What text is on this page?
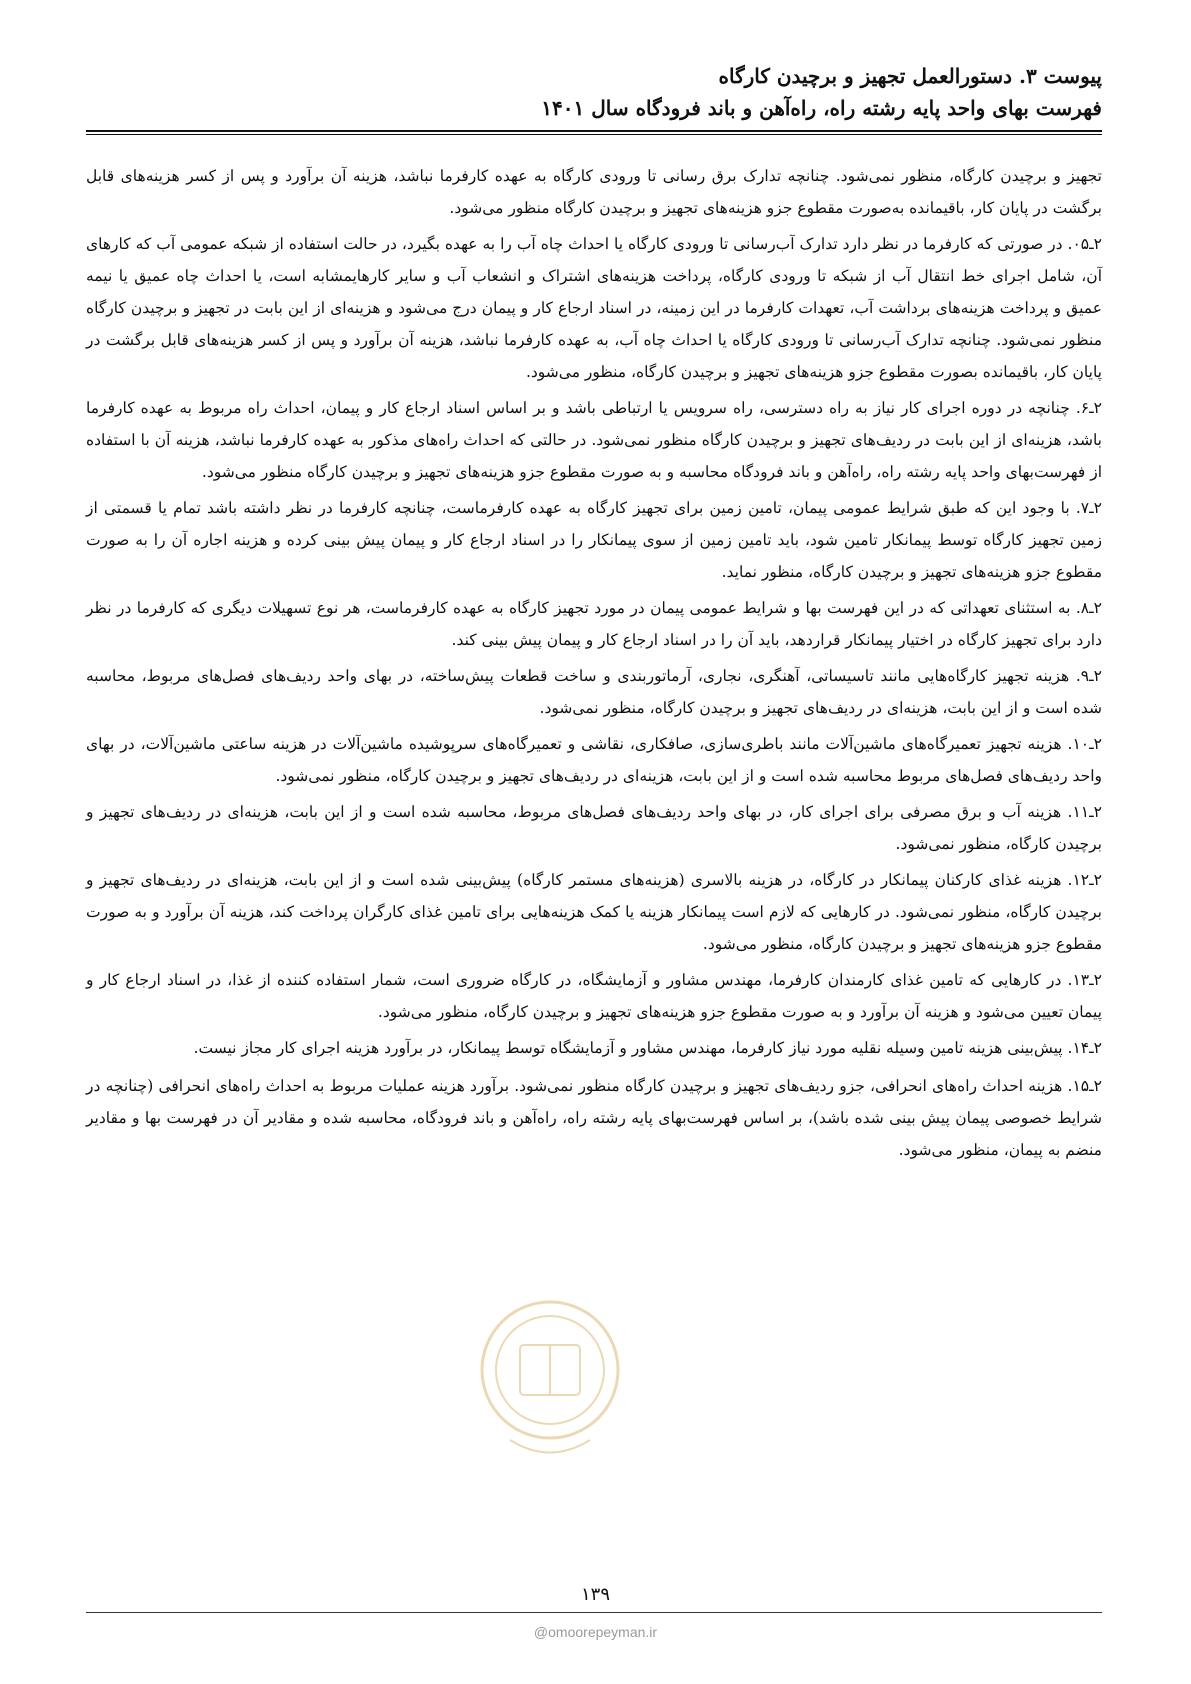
پیوست ۳. دستورالعمل تجهیز و برچیدن کارگاه
فهرست بهای واحد پایه رشته راه، راه‌آهن و باند فرودگاه سال ۱۴۰۱

تجهیز و برچیدن کارگاه، منظور نمی‌شود. چنانچه تدارک برق رسانی تا ورودی کارگاه به عهده کارفرما نباشد، هزینه آن برآورد و پس از کسر هزینه‌های قابل برگشت در پایان کار، باقیمانده به‌صورت مقطوع جزو هزینه‌های تجهیز و برچیدن کارگاه منظور می‌شود.

۲ـ۰۵. در صورتی که کارفرما در نظر دارد تدارک آب‌رسانی تا ورودی کارگاه یا احداث چاه آب را به عهده بگیرد، در حالت استفاده از شبکه عمومی آب که کارهای آن، شامل اجرای خط انتقال آب از شبکه تا ورودی کارگاه، پرداخت هزینه‌های اشتراک و انشعاب آب و سایر کارهایمشابه است، یا احداث چاه عمیق یا نیمه عمیق و پرداخت هزینه‌های برداشت آب، تعهدات کارفرما در این زمینه، در اسناد ارجاع کار و پیمان درج می‌شود و هزینه‌ای از این بابت در تجهیز و برچیدن کارگاه منظور نمی‌شود. چنانچه تدارک آب‌رسانی تا ورودی کارگاه یا احداث چاه آب، به عهده کارفرما نباشد، هزینه آن برآورد و پس از کسر هزینه‌های قابل برگشت در پایان کار، باقیمانده بصورت مقطوع جزو هزینه‌های تجهیز و برچیدن کارگاه، منظور می‌شود.

۲ـ۶. چنانچه در دوره اجرای کار نیاز به راه دسترسی، راه سرویس یا ارتباطی باشد و بر اساس اسناد ارجاع کار و پیمان، احداث راه مربوط به عهده کارفرما باشد، هزینه‌ای از این بابت در ردیف‌های تجهیز و برچیدن کارگاه منظور نمی‌شود. در حالتی که احداث راه‌های مذکور به عهده کارفرما نباشد، هزینه آن با استفاده از فهرست‌بهای واحد پایه رشته راه، راه‌آهن و باند فرودگاه محاسبه و به صورت مقطوع جزو هزینه‌های تجهیز و برچیدن کارگاه منظور می‌شود.

۲ـ۷. با وجود این که طبق شرایط عمومی پیمان، تامین زمین برای تجهیز کارگاه به عهده کارفرماست، چنانچه کارفرما در نظر داشته باشد تمام یا قسمتی از زمین تجهیز کارگاه توسط پیمانکار تامین شود، باید تامین زمین از سوی پیمانکار را در اسناد ارجاع کار و پیمان پیش بینی کرده و هزینه اجاره آن را به صورت مقطوع جزو هزینه‌های تجهیز و برچیدن کارگاه، منظور نماید.

۲ـ۸. به استثنای تعهداتی که در این فهرست بها و شرایط عمومی پیمان در مورد تجهیز کارگاه به عهده کارفرماست، هر نوع تسهیلات دیگری که کارفرما در نظر دارد برای تجهیز کارگاه در اختیار پیمانکار قراردهد، باید آن را در اسناد ارجاع کار و پیمان پیش بینی کند.

۲ـ۹. هزینه تجهیز کارگاه‌هایی مانند تاسیساتی، آهنگری، نجاری، آرماتوربندی و ساخت قطعات پیش‌ساخته، در بهای واحد ردیف‌های فصل‌های مربوط، محاسبه شده است و از این بابت، هزینه‌ای در ردیف‌های تجهیز و برچیدن کارگاه، منظور نمی‌شود.

۲ـ۱۰. هزینه تجهیز تعمیرگاه‌های ماشین‌آلات مانند باطری‌سازی، صافکاری، نقاشی و تعمیرگاه‌های سرپوشیده ماشین‌آلات در هزینه ساعتی ماشین‌آلات، در بهای واحد ردیف‌های فصل‌های مربوط محاسبه شده است و از این بابت، هزینه‌ای در ردیف‌های تجهیز و برچیدن کارگاه، منظور نمی‌شود.

۲ـ۱۱. هزینه آب و برق مصرفی برای اجرای کار، در بهای واحد ردیف‌های فصل‌های مربوط، محاسبه شده است و از این بابت، هزینه‌ای در ردیف‌های تجهیز و برچیدن کارگاه، منظور نمی‌شود.

۲ـ۱۲. هزینه غذای کارکنان پیمانکار در کارگاه، در هزینه بالاسری (هزینه‌های مستمر کارگاه) پیش‌بینی شده است و از این بابت، هزینه‌ای در ردیف‌های تجهیز و برچیدن کارگاه، منظور نمی‌شود. در کارهایی که لازم است پیمانکار هزینه یا کمک هزینه‌هایی برای تامین غذای کارگران پرداخت کند، هزینه آن برآورد و به صورت مقطوع جزو هزینه‌های تجهیز و برچیدن کارگاه، منظور می‌شود.

۲ـ۱۳. در کارهایی که تامین غذای کارمندان کارفرما، مهندس مشاور و آزمایشگاه، در کارگاه ضروری است، شمار استفاده کننده از غذا، در اسناد ارجاع کار و پیمان تعیین می‌شود و هزینه آن برآورد و به صورت مقطوع جزو هزینه‌های تجهیز و برچیدن کارگاه، منظور می‌شود.

۲ـ۱۴. پیش‌بینی هزینه تامین وسیله نقلیه مورد نیاز کارفرما، مهندس مشاور و آزمایشگاه توسط پیمانکار، در برآورد هزینه اجرای کار مجاز نیست.

۲ـ۱۵. هزینه احداث راه‌های انحرافی، جزو ردیف‌های تجهیز و برچیدن کارگاه منظور نمی‌شود. برآورد هزینه عملیات مربوط به احداث راه‌های انحرافی (چنانچه در شرایط خصوصی پیمان پیش بینی شده باشد)، بر اساس فهرست‌بهای پایه رشته راه، راه‌آهن و باند فرودگاه، محاسبه شده و مقادیر آن در فهرست بها و مقادیر منضم به پیمان، منظور می‌شود.

۱۳۹
@omoorepeyman.ir
